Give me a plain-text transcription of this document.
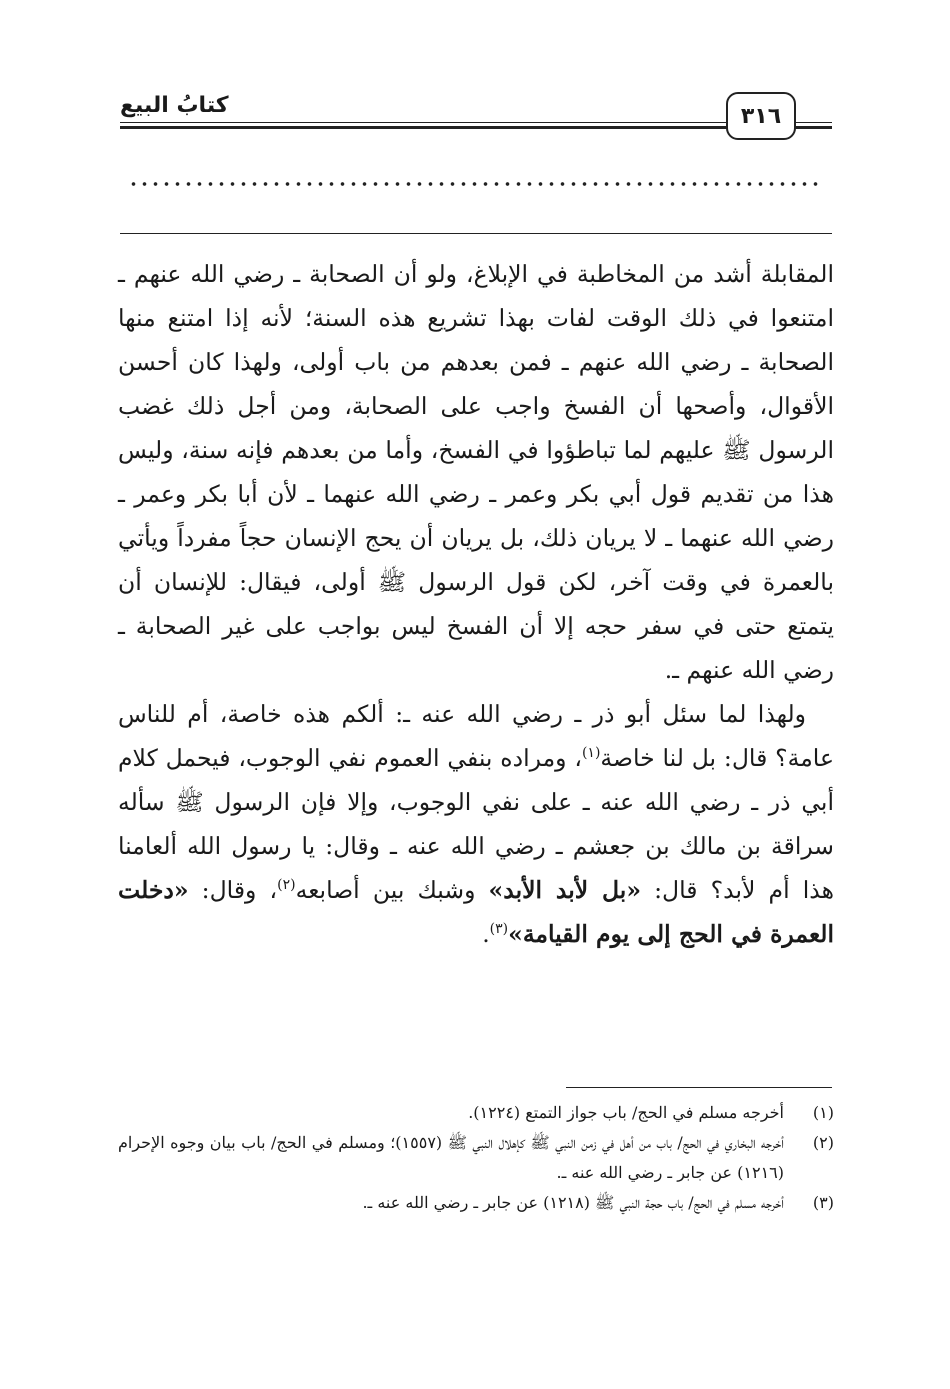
كتابُ البيع	٣١٦

المقابلة أشد من المخاطبة في الإبلاغ، ولو أن الصحابة ـ رضي الله عنهم ـ امتنعوا في ذلك الوقت لفات بهذا تشريع هذه السنة؛ لأنه إذا امتنع منها الصحابة ـ رضي الله عنهم ـ فمن بعدهم من باب أولى، ولهذا كان أحسن الأقوال، وأصحها أن الفسخ واجب على الصحابة، ومن أجل ذلك غضب الرسول ﷺ عليهم لما تباطؤوا في الفسخ، وأما من بعدهم فإنه سنة، وليس هذا من تقديم قول أبي بكر وعمر ـ رضي الله عنهما ـ لأن أبا بكر وعمر ـ رضي الله عنهما ـ لا يريان ذلك، بل يريان أن يحج الإنسان حجاً مفرداً ويأتي بالعمرة في وقت آخر، لكن قول الرسول ﷺ أولى، فيقال: للإنسان أن يتمتع حتى في سفر حجه إلا أن الفسخ ليس بواجب على غير الصحابة ـ رضي الله عنهم ـ.

ولهذا لما سئل أبو ذر ـ رضي الله عنه ـ: ألكم هذه خاصة، أم للناس عامة؟ قال: بل لنا خاصة$^{(١)}$، ومراده بنفي العموم نفي الوجوب، فيحمل كلام أبي ذر ـ رضي الله عنه ـ على نفي الوجوب، وإلا فإن الرسول ﷺ سأله سراقة بن مالك بن جعشم ـ رضي الله عنه ـ وقال: يا رسول الله ألعامنا هذا أم لأبد؟ قال: «بل لأبد الأبد» وشبك بين أصابعه$^{(٢)}$، وقال: «دخلت العمرة في الحج إلى يوم القيامة»$^{(٣)}$.

(١)
أخرجه مسلم في الحج/ باب جواز التمتع (١٢٢٤).
(٢)
أخرجه البخاري في الحج/ باب من أهل في زمن النبي ﷺ كإهلال النبي ﷺ (١٥٥٧)؛ ومسلم في الحج/ باب بيان وجوه الإحرام (١٢١٦) عن جابر ـ رضي الله عنه ـ.
(٣)
أخرجه مسلم في الحج/ باب حجة النبي ﷺ (١٢١٨) عن جابر ـ رضي الله عنه ـ.
